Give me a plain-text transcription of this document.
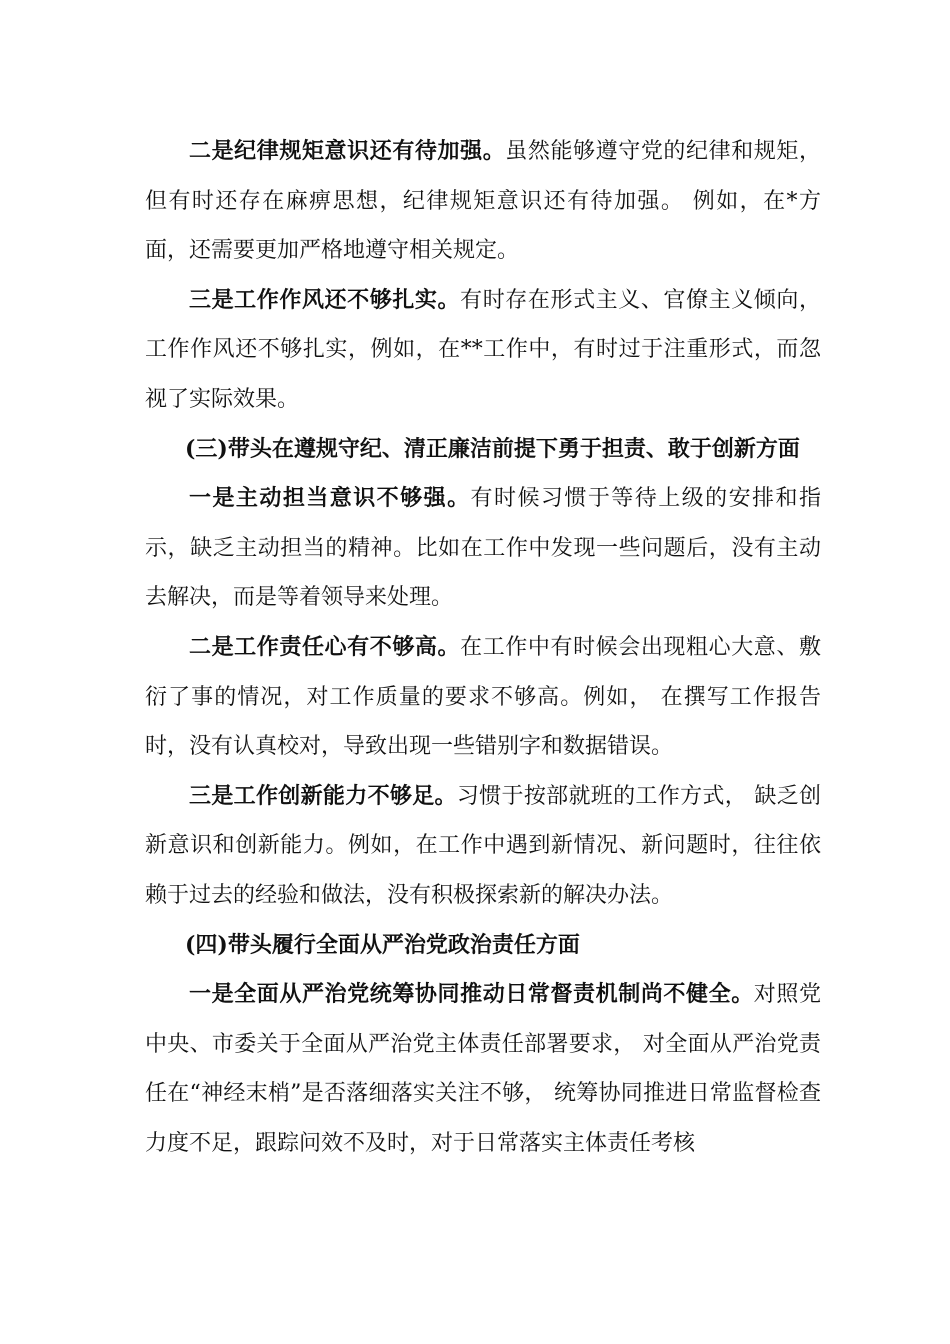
二是纪律规矩意识还有待加强。虽然能够遵守党的纪律和规矩，但有时还存在麻痹思想，纪律规矩意识还有待加强。 例如，在*方面，还需要更加严格地遵守相关规定。

三是工作作风还不够扎实。有时存在形式主义、官僚主义倾向，工作作风还不够扎实，例如，在**工作中，有时过于注重形式，而忽视了实际效果。

(三)带头在遵规守纪、清正廉洁前提下勇于担责、敢于创新方面

一是主动担当意识不够强。有时候习惯于等待上级的安排和指示，缺乏主动担当的精神。比如在工作中发现一些问题后，没有主动去解决，而是等着领导来处理。

二是工作责任心有不够高。在工作中有时候会出现粗心大意、敷衍了事的情况，对工作质量的要求不够高。例如， 在撰写工作报告时，没有认真校对，导致出现一些错别字和数据错误。

三是工作创新能力不够足。习惯于按部就班的工作方式， 缺乏创新意识和创新能力。例如，在工作中遇到新情况、新问题时，往往依赖于过去的经验和做法，没有积极探索新的解决办法。

(四)带头履行全面从严治党政治责任方面

一是全面从严治党统筹协同推动日常督责机制尚不健全。对照党中央、市委关于全面从严治党主体责任部署要求， 对全面从严治党责任在“神经末梢”是否落细落实关注不够， 统筹协同推进日常监督检查力度不足，跟踪问效不及时，对于日常落实主体责任考核
